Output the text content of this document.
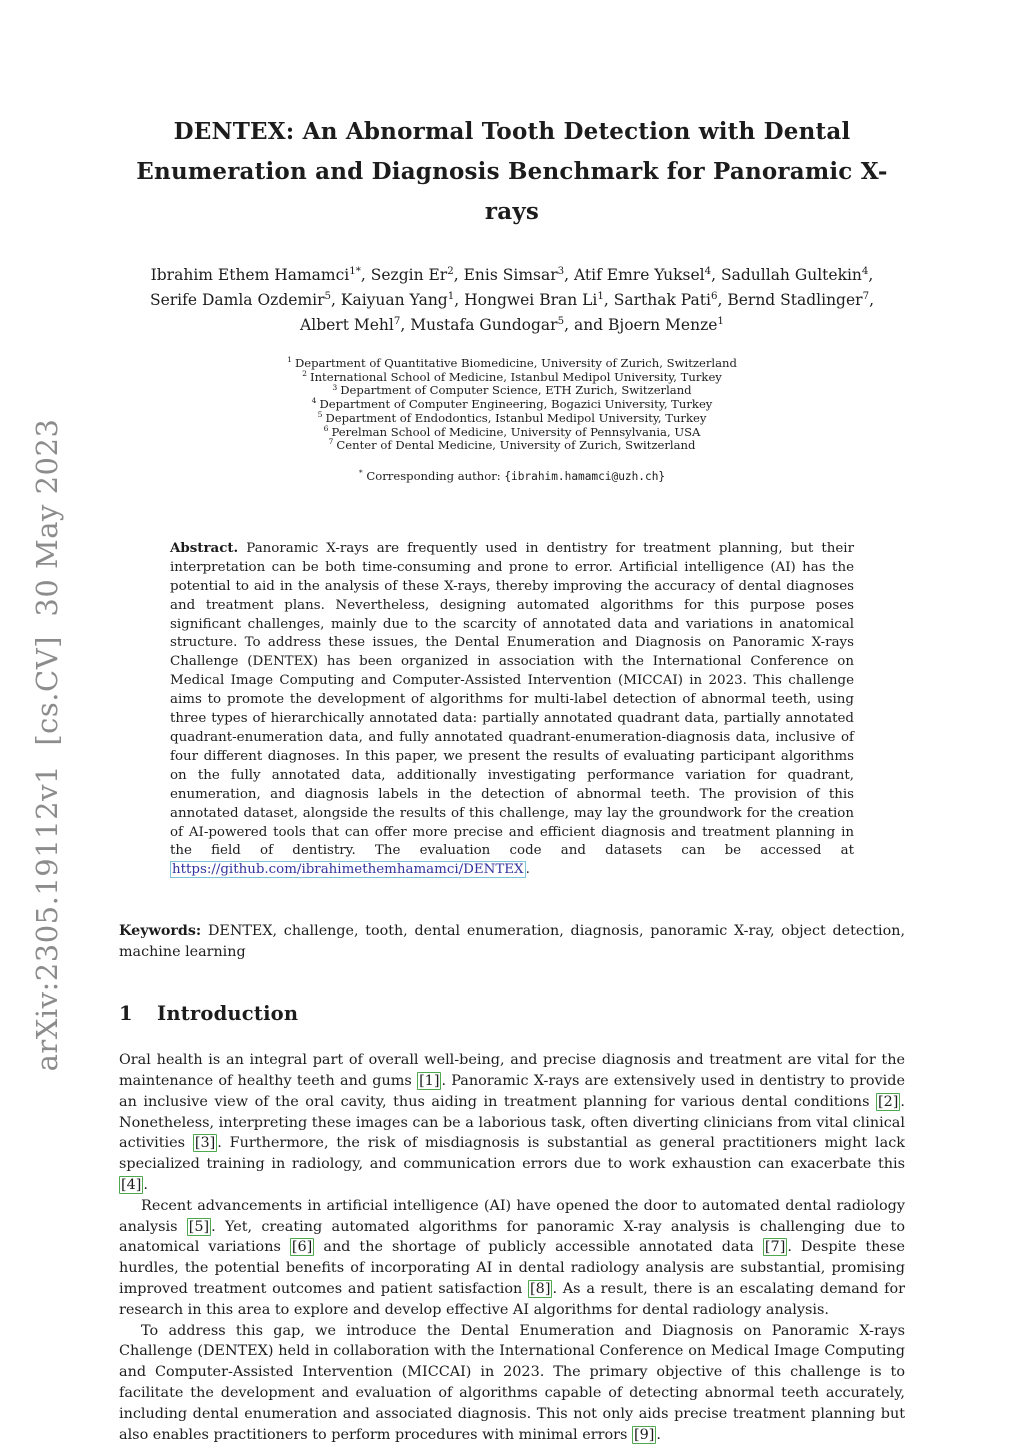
arXiv:2305.19112v1  [cs.CV]  30 May 2023
DENTEX: An Abnormal Tooth Detection with Dental
Enumeration and Diagnosis Benchmark for Panoramic X-rays

Ibrahim Ethem Hamamci$^{1*}$, Sezgin Er$^2$, Enis Simsar$^3$, Atif Emre Yuksel$^4$, Sadullah Gultekin$^4$, Serife Damla Ozdemir$^5$, Kaiyuan Yang$^1$, Hongwei Bran Li$^1$, Sarthak Pati$^6$, Bernd Stadlinger$^7$, Albert Mehl$^7$, Mustafa Gundogar$^5$, and Bjoern Menze$^1$

$^1$ Department of Quantitative Biomedicine, University of Zurich, Switzerland
$^2$ International School of Medicine, Istanbul Medipol University, Turkey
$^3$ Department of Computer Science, ETH Zurich, Switzerland
$^4$ Department of Computer Engineering, Bogazici University, Turkey
$^5$ Department of Endodontics, Istanbul Medipol University, Turkey
$^6$ Perelman School of Medicine, University of Pennsylvania, USA
$^7$ Center of Dental Medicine, University of Zurich, Switzerland

* Corresponding author: {ibrahim.hamamci@uzh.ch}

Abstract. Panoramic X-rays are frequently used in dentistry for treatment planning, but their interpretation can be both time-consuming and prone to error. Artificial intelligence (AI) has the potential to aid in the analysis of these X-rays, thereby improving the accuracy of dental diagnoses and treatment plans. Nevertheless, designing automated algorithms for this purpose poses significant challenges, mainly due to the scarcity of annotated data and variations in anatomical structure. To address these issues, the Dental Enumeration and Diagnosis on Panoramic X-rays Challenge (DENTEX) has been organized in association with the International Conference on Medical Image Computing and Computer-Assisted Intervention (MICCAI) in 2023. This challenge aims to promote the development of algorithms for multi-label detection of abnormal teeth, using three types of hierarchically annotated data: partially annotated quadrant data, partially annotated quadrant-enumeration data, and fully annotated quadrant-enumeration-diagnosis data, inclusive of four different diagnoses. In this paper, we present the results of evaluating participant algorithms on the fully annotated data, additionally investigating performance variation for quadrant, enumeration, and diagnosis labels in the detection of abnormal teeth. The provision of this annotated dataset, alongside the results of this challenge, may lay the groundwork for the creation of AI-powered tools that can offer more precise and efficient diagnosis and treatment planning in the field of dentistry. The evaluation code and datasets can be accessed at https://github.com/ibrahimethemhamamci/DENTEX .

Keywords: DENTEX, challenge, tooth, dental enumeration, diagnosis, panoramic X-ray, object detection, machine learning

1 Introduction

Oral health is an integral part of overall well-being, and precise diagnosis and treatment are vital for the maintenance of healthy teeth and gums [1] . Panoramic X-rays are extensively used in dentistry to provide an inclusive view of the oral cavity, thus aiding in treatment planning for various dental conditions [2] . Nonetheless, interpreting these images can be a laborious task, often diverting clinicians from vital clinical activities [3] . Furthermore, the risk of misdiagnosis is substantial as general practitioners might lack specialized training in radiology, and communication errors due to work exhaustion can exacerbate this [4] .

Recent advancements in artificial intelligence (AI) have opened the door to automated dental radiology analysis [5] . Yet, creating automated algorithms for panoramic X-ray analysis is challenging due to anatomical variations [6] and the shortage of publicly accessible annotated data [7] . Despite these hurdles, the potential benefits of incorporating AI in dental radiology analysis are substantial, promising improved treatment outcomes and patient satisfaction [8] . As a result, there is an escalating demand for research in this area to explore and develop effective AI algorithms for dental radiology analysis.

To address this gap, we introduce the Dental Enumeration and Diagnosis on Panoramic X-rays Challenge (DENTEX) held in collaboration with the International Conference on Medical Image Computing and Computer-Assisted Intervention (MICCAI) in 2023. The primary objective of this challenge is to facilitate the development and evaluation of algorithms capable of detecting abnormal teeth accurately, including dental enumeration and associated diagnosis. This not only aids precise treatment planning but also enables practitioners to perform procedures with minimal errors [9] .
